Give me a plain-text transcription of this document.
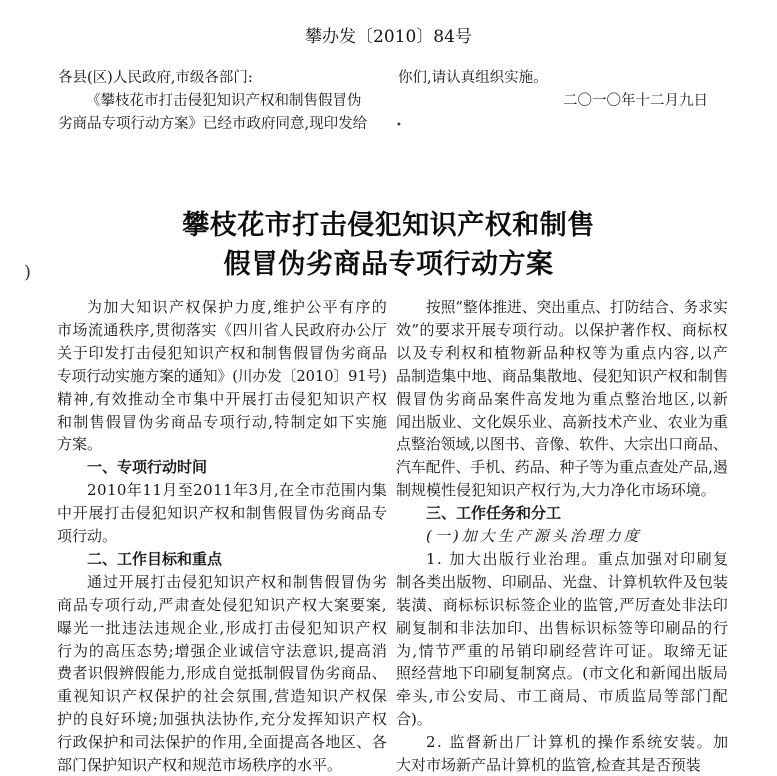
攀办发〔2010〕84号
各县(区)人民政府,市级各部门:
《攀枝花市打击侵犯知识产权和制售假冒伪
劣商品专项行动方案》已经市政府同意,现印发给
你们,请认真组织实施。
二〇一〇年十二月九日
•
)
攀枝花市打击侵犯知识产权和制售
假冒伪劣商品专项行动方案
为加大知识产权保护力度,维护公平有序的
市场流通秩序,贯彻落实《四川省人民政府办公厅
关于印发打击侵犯知识产权和制售假冒伪劣商品
专项行动实施方案的通知》(川办发〔2010〕91号)
精神,有效推动全市集中开展打击侵犯知识产权
和制售假冒伪劣商品专项行动,特制定如下实施
方案。
一、专项行动时间
2010年11月至2011年3月,在全市范围内集
中开展打击侵犯知识产权和制售假冒伪劣商品专
项行动。
二、工作目标和重点
通过开展打击侵犯知识产权和制售假冒伪劣
商品专项行动,严肃查处侵犯知识产权大案要案,
曝光一批违法违规企业,形成打击侵犯知识产权
行为的高压态势;增强企业诚信守法意识,提高消
费者识假辨假能力,形成自觉抵制假冒伪劣商品、
重视知识产权保护的社会氛围,营造知识产权保
护的良好环境;加强执法协作,充分发挥知识产权
行政保护和司法保护的作用,全面提高各地区、各
部门保护知识产权和规范市场秩序的水平。
按照“整体推进、突出重点、打防结合、务求实
效”的要求开展专项行动。以保护著作权、商标权
以及专利权和植物新品种权等为重点内容,以产
品制造集中地、商品集散地、侵犯知识产权和制售
假冒伪劣商品案件高发地为重点整治地区,以新
闻出版业、文化娱乐业、高新技术产业、农业为重
点整治领域,以图书、音像、软件、大宗出口商品、
汽车配件、手机、药品、种子等为重点查处产品,遏
制规模性侵犯知识产权行为,大力净化市场环境。
三、工作任务和分工
(一)加大生产源头治理力度
1. 加大出版行业治理。重点加强对印刷复
制各类出版物、印刷品、光盘、计算机软件及包装
装潢、商标标识标签企业的监管,严厉查处非法印
刷复制和非法加印、出售标识标签等印刷品的行
为,情节严重的吊销印刷经营许可证。取缔无证
照经营地下印刷复制窝点。(市文化和新闻出版局
牵头,市公安局、市工商局、市质监局等部门配
合)。
2. 监督新出厂计算机的操作系统安装。加
大对市场新产品计算机的监管,检查其是否预装
